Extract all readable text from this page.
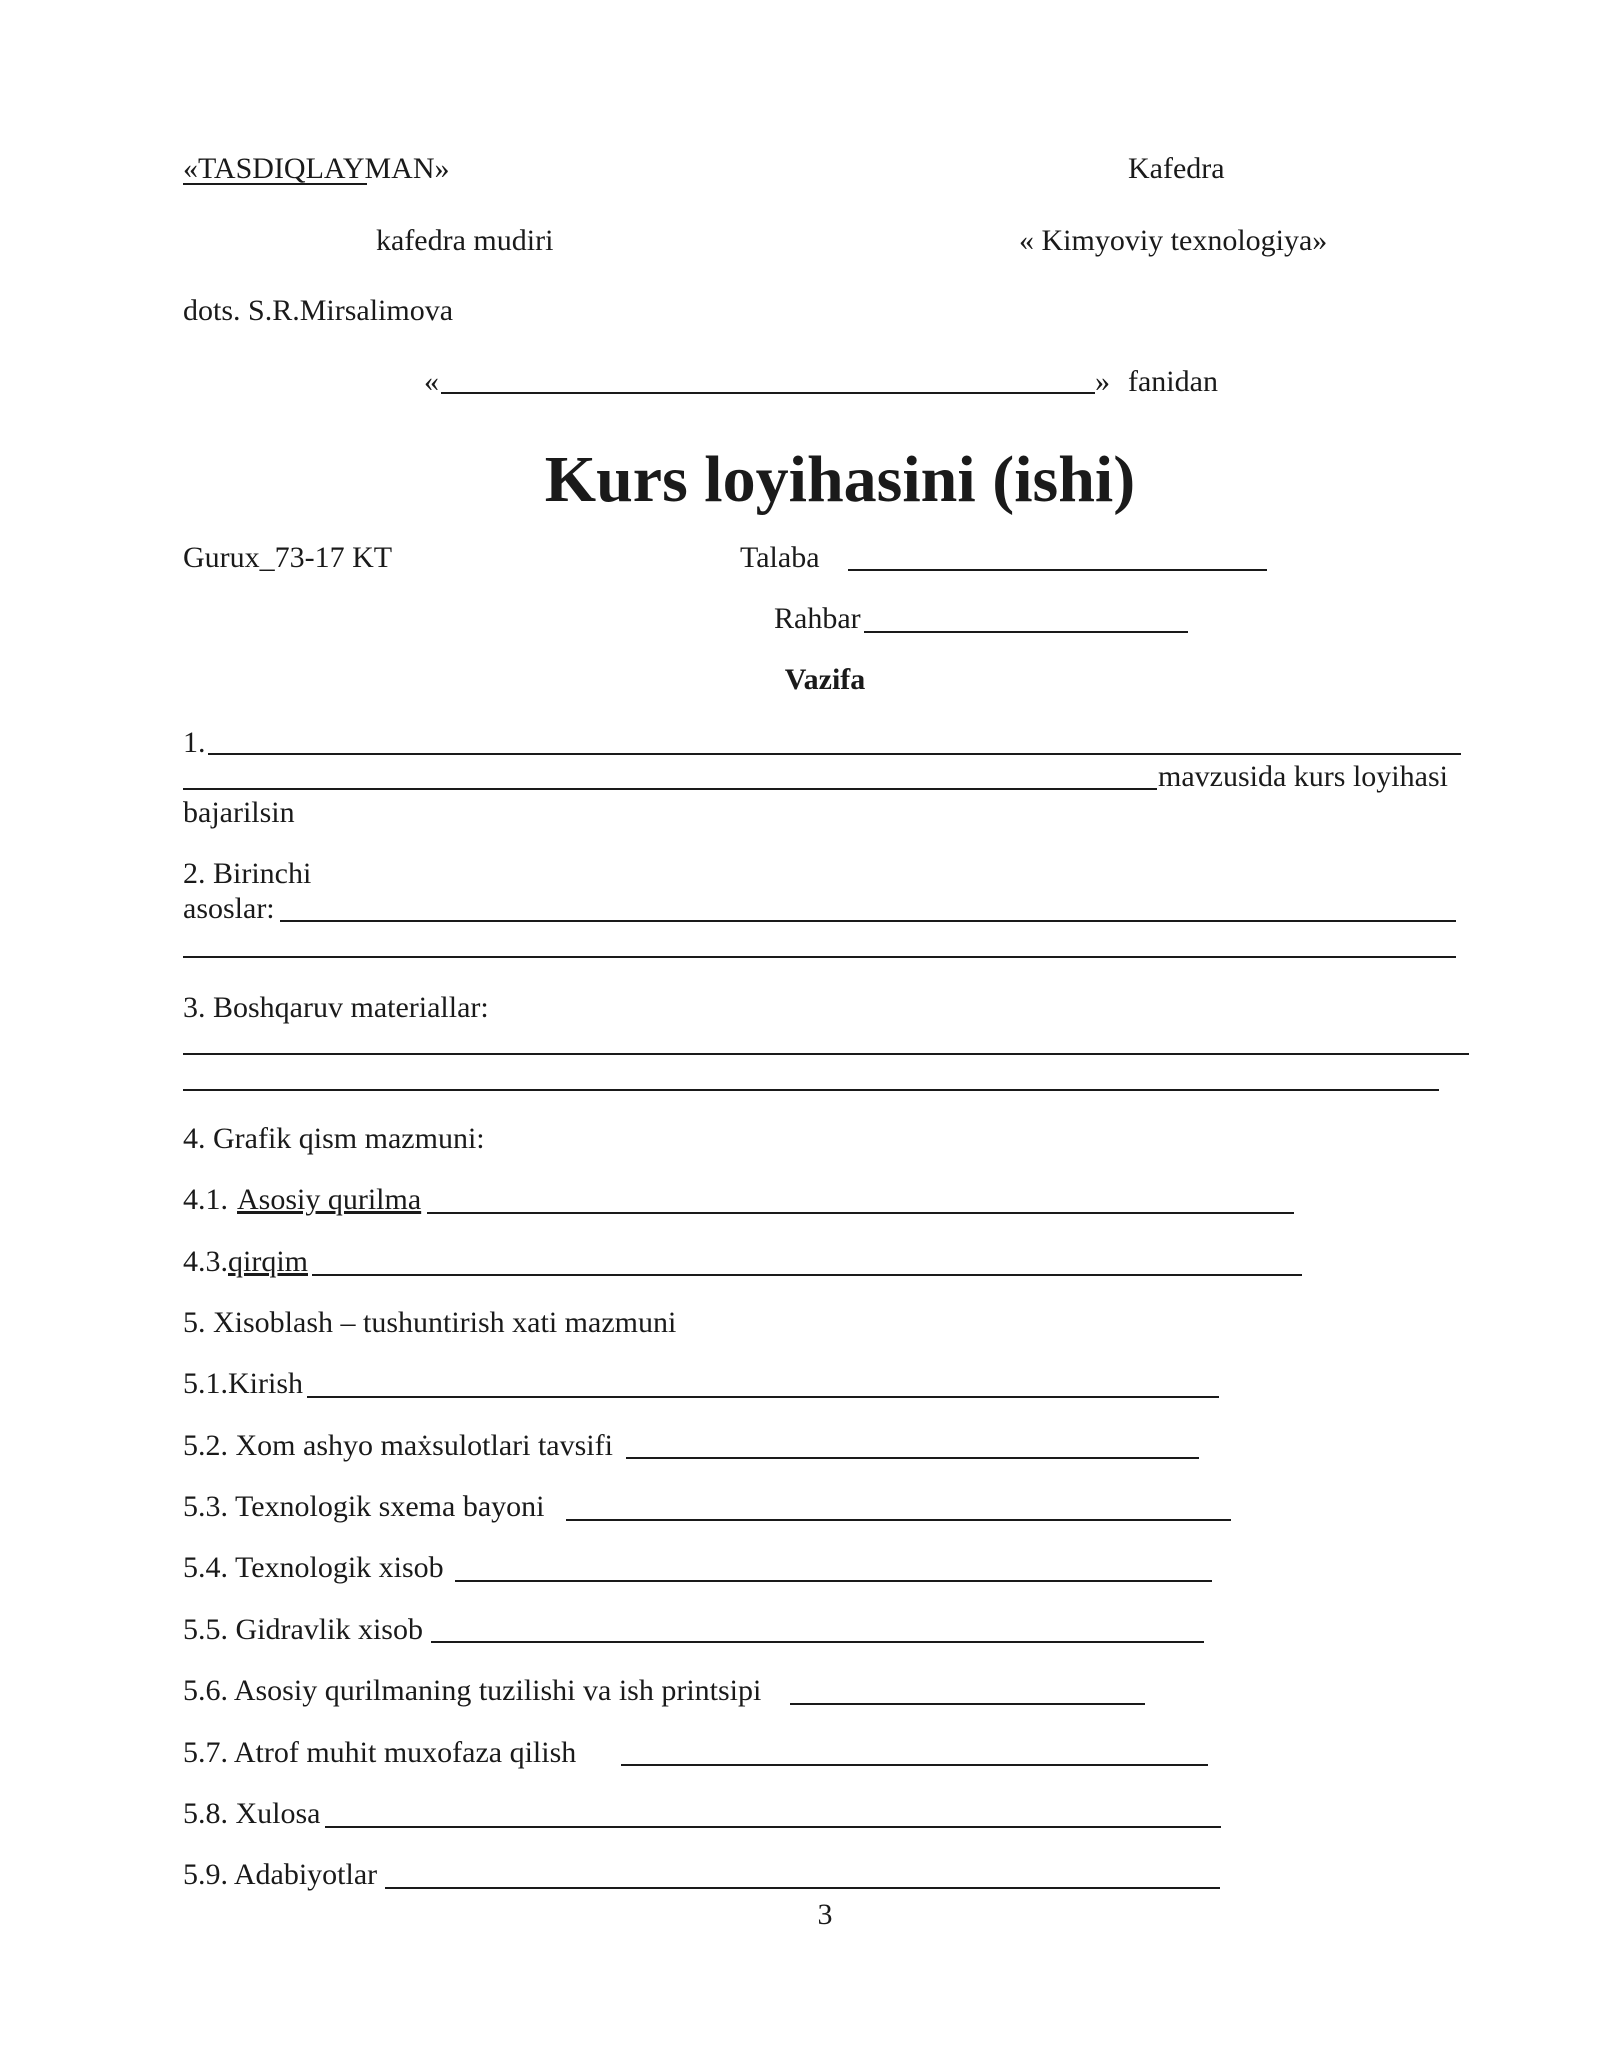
«TASDIQLAYMAN»
kafedra mudiri
dots. S.R.Mirsalimova
Kafedra
« Kimyoviy texnologiya»
«	» fanidan
Kurs loyihasini (ishi)
Gurux_73-17 KT	Talaba
Rahbar
Vazifa
1.
mavzusida kurs loyihasi
bajarilsin
2. Birinchi
asoslar:
3. Boshqaruv materiallar:
4. Grafik qism mazmuni:
4.1. Asosiy qurilma
4.3. qirqim
5. Xisoblash – tushuntirish xati mazmuni
5.1.Kirish
5.2. Xom ashyo maẋsulotlari tavsifi
5.3. Texnologik sxema bayoni
5.4. Texnologik xisob
5.5. Gidravlik xisob
5.6. Asosiy qurilmaning tuzilishi va ish printsipi
5.7. Atrof muhit muxofaza qilish
5.8. Xulosa
5.9. Adabiyotlar
3
